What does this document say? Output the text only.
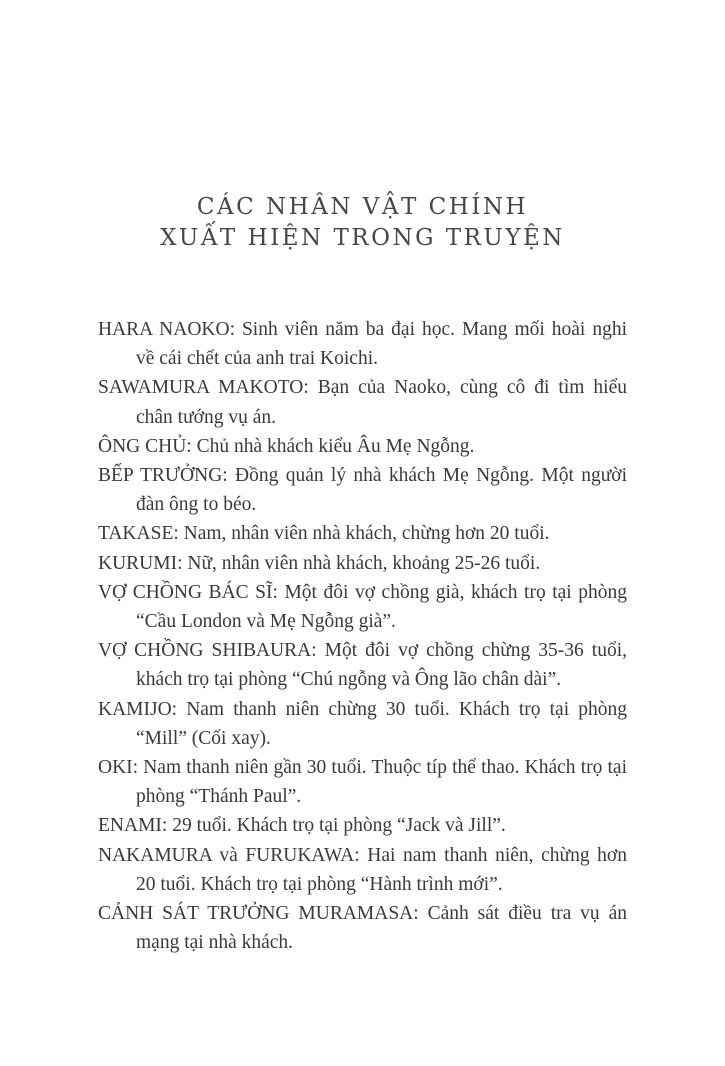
CÁC NHÂN VẬT CHÍNH
XUẤT HIỆN TRONG TRUYỆN

HARA NAOKO: Sinh viên năm ba đại học. Mang mối hoài nghi về cái chết của anh trai Koichi.

SAWAMURA MAKOTO: Bạn của Naoko, cùng cô đi tìm hiểu chân tướng vụ án.

ÔNG CHỦ: Chủ nhà khách kiểu Âu Mẹ Ngỗng.

BẾP TRƯỞNG: Đồng quản lý nhà khách Mẹ Ngỗng. Một người đàn ông to béo.

TAKASE: Nam, nhân viên nhà khách, chừng hơn 20 tuổi.

KURUMI: Nữ, nhân viên nhà khách, khoảng 25-26 tuổi.

VỢ CHỒNG BÁC SĨ: Một đôi vợ chồng già, khách trọ tại phòng “Cầu London và Mẹ Ngỗng già”.

VỢ CHỒNG SHIBAURA: Một đôi vợ chồng chừng 35-36 tuổi, khách trọ tại phòng “Chú ngỗng và Ông lão chân dài”.

KAMIJO: Nam thanh niên chừng 30 tuổi. Khách trọ tại phòng “Mill” (Cối xay).

OKI: Nam thanh niên gần 30 tuổi. Thuộc típ thể thao. Khách trọ tại phòng “Thánh Paul”.

ENAMI: 29 tuổi. Khách trọ tại phòng “Jack và Jill”.

NAKAMURA và FURUKAWA: Hai nam thanh niên, chừng hơn 20 tuổi. Khách trọ tại phòng “Hành trình mới”.

CẢNH SÁT TRƯỞNG MURAMASA: Cảnh sát điều tra vụ án mạng tại nhà khách.
